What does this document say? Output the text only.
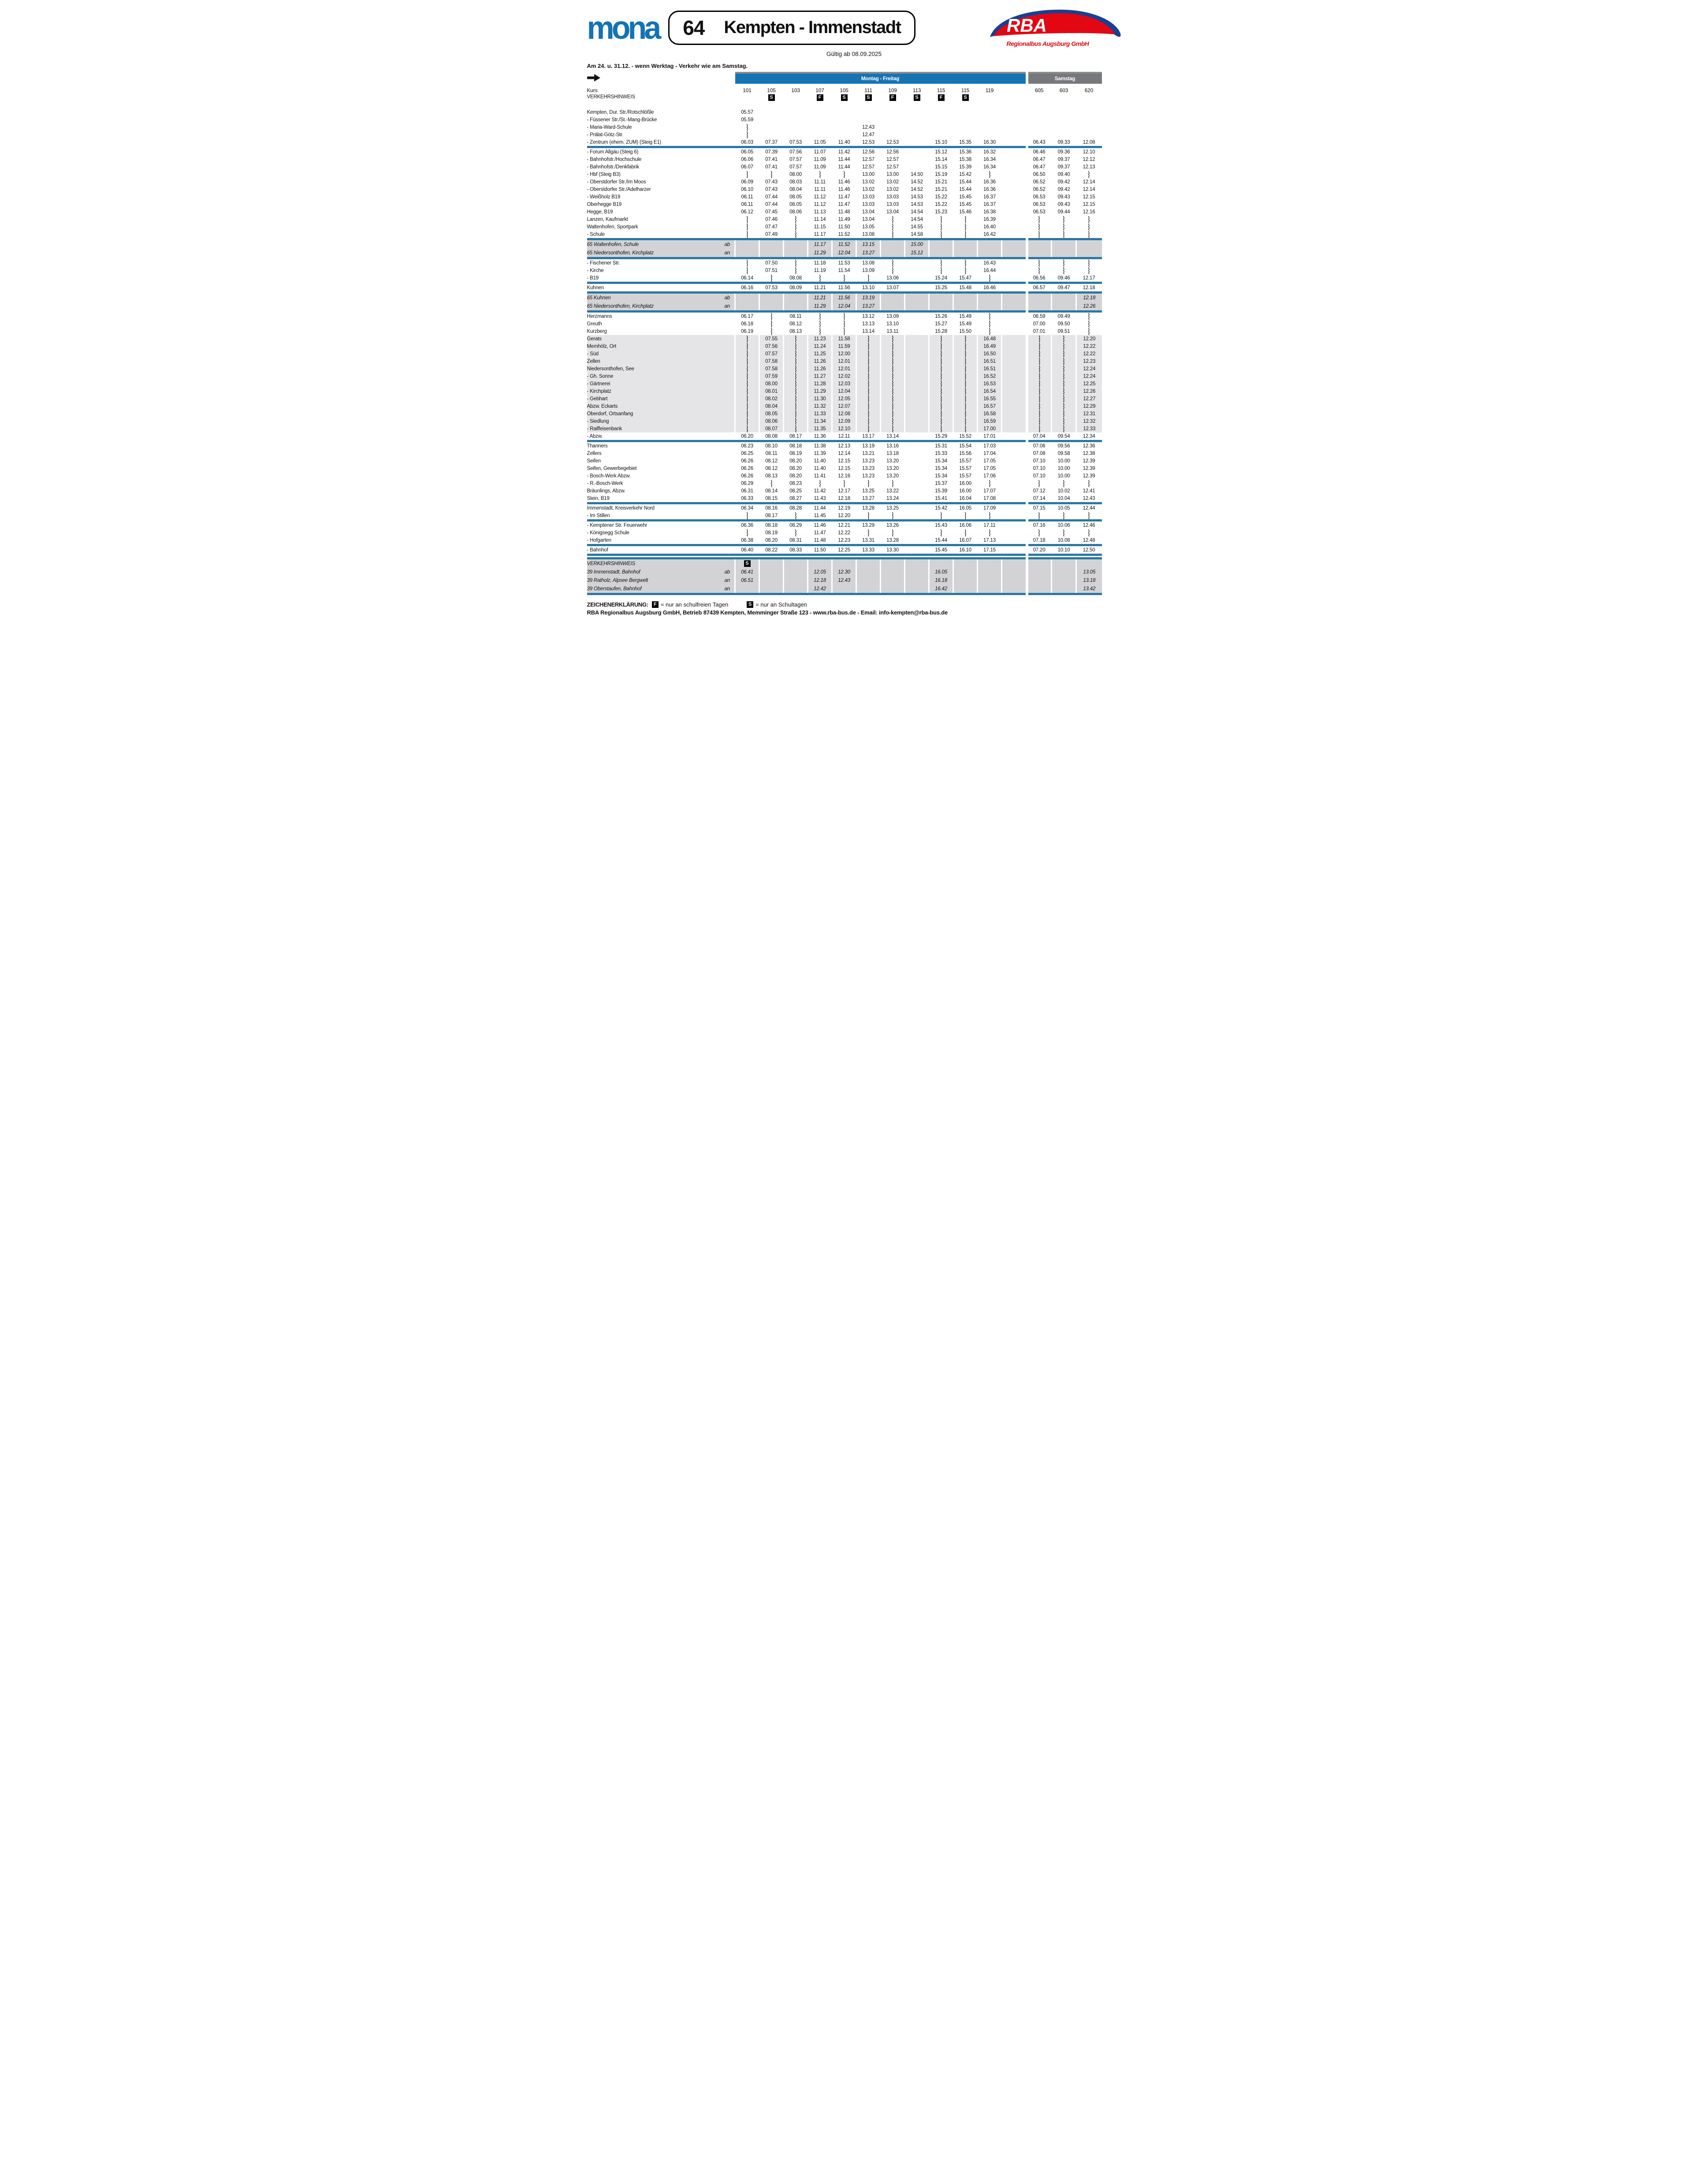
mona 64 Kempten - Immenstadt	RBA
Regionalbus Augsburg GmbH
Gültig ab 08.09.2025
Am 24. u. 31.12. - wenn Werktag - Verkehr wie am Samstag.
	Montag - Freitag												Samstag		
Kurs	101	105	103	107	105	111	109	113	115	115	119		605	603	620
VERKEHRSHINWEIS		S		F	S	S	F	S	F	S					

Kempten, Dur. Str./Rotschlößle	05.57														

- Füssener Str./St.-Mang-Brücke	05.59														

- Maria-Ward-Schule						12.43									

- Prälat-Götz-Str.						12.47									

- Zentrum (ehem. ZUM) (Steig E1)	06.03	07.37	07.53	11.05	11.40	12.53	12.53		15.10	15.35	16.30		06.43	09.33	12.08

- Forum Allgäu (Steig 6)	06.05	07.39	07.56	11.07	11.42	12.56	12.56		15.12	15.36	16.32		06.46	09.36	12.10

- Bahnhofstr./Hochschule	06.06	07.41	07.57	11.09	11.44	12.57	12.57		15.14	15.38	16.34		06.47	09.37	12.12

- Bahnhofstr./Denkfabrik	06.07	07.41	07.57	11.09	11.44	12.57	12.57		15.15	15.39	16.34		06.47	09.37	12.13

- Hbf (Steig B3)			08.00			13.00	13.00	14.50	15.19	15.42			06.50	09.40	

- Oberstdorfer Str./Im Moos	06.09	07.43	08.03	11.11	11.46	13.02	13.02	14.52	15.21	15.44	16.36		06.52	09.42	12.14

- Oberstdorfer Str./Adelharzer	06.10	07.43	08.04	11.11	11.46	13.02	13.02	14.52	15.21	15.44	16.36		06.52	09.42	12.14

- Weißholz B19	06.11	07.44	08.05	11.12	11.47	13.03	13.03	14.53	15.22	15.45	16.37		06.53	09.43	12.15

Oberhegge B19	06.11	07.44	08.05	11.12	11.47	13.03	13.03	14.53	15.22	15.45	16.37		06.53	09.43	12.15

Hegge, B19	06.12	07.45	08.06	11.13	11.48	13.04	13.04	14.54	15.23	15.46	16.38		06.53	09.44	12.16

Lanzen, Kaufmarkt		07.46		11.14	11.49	13.04		14.54			16.39				

Waltenhofen, Sportpark		07.47		11.15	11.50	13.05		14.55			16.40				

- Schule		07.49		11.17	11.52	13.08		14.58			16.42				

65 Waltenhofen, Schule ab				11.17	11.52	13.15		15.00							

65 Niedersonthofen, Kirchplatz an				11.29	12.04	13.27		15.12							

- Fischener Str.		07.50		11.18	11.53	13.08					16.43				

- Kirche		07.51		11.19	11.54	13.09					16.44				

- B19	06.14		08.08				13.06		15.24	15.47			06.56	09.46	12.17

Kuhnen	06.16	07.53	08.09	11.21	11.56	13.10	13.07		15.25	15.48	16.46		06.57	09.47	12.18

65 Kuhnen ab				11.21	11.56	13.19									12.18

65 Niedersonthofen, Kirchplatz an				11.29	12.04	13.27									12.26

Herzmanns	06.17		08.11			13.12	13.09		15.26	15.49			06.59	09.49	

Greuth	06.18		08.12			13.13	13.10		15.27	15.49			07.00	09.50	

Kurzberg	06.19		08.13			13.14	13.11		15.28	15.50			07.01	09.51	

Gerats		07.55		11.23	11.58						16.48				12.20

Memhölz, Ort		07.56		11.24	11.59						16.49				12.22

- Süd		07.57		11.25	12.00						16.50				12.22

Zellen		07.58		11.26	12.01						16.51				12.23

Niedersonthofen, See		07.58		11.26	12.01						16.51				12.24

- Gh. Sonne		07.59		11.27	12.02						16.52				12.24

- Gärtnerei		08.00		11.28	12.03						16.53				12.25

- Kirchplatz		08.01		11.29	12.04						16.54				12.26

- Gebhart		08.02		11.30	12.05						16.55				12.27

Abzw. Eckarts		08.04		11.32	12.07						16.57				12.29

Oberdorf, Ortsanfang		08.05		11.33	12.08						16.58				12.31

- Siedlung		08.06		11.34	12.09						16.59				12.32

- Raiffeisenbank		08.07		11.35	12.10						17.00				12.33

- Abzw.	06.20	08.08	08.17	11.36	12.11	13.17	13.14		15.29	15.52	17.01		07.04	09.54	12.34

Thanners	06.23	08.10	08.18	11.38	12.13	13.19	13.16		15.31	15.54	17.03		07.06	09.56	12.36

Zellers	06.25	08.11	08.19	11.39	12.14	13.21	13.18		15.33	15.56	17.04		07.08	09.58	12.38

Seifen	06.26	08.12	08.20	11.40	12.15	13.23	13.20		15.34	15.57	17.05		07.10	10.00	12.39

Seifen, Gewerbegebiet	06.26	08.12	08.20	11.40	12.15	13.23	13.20		15.34	15.57	17.05		07.10	10.00	12.39

- Bosch-Werk Abzw.	06.26	08.13	08.20	11.41	12.16	13.23	13.20		15.34	15.57	17.06		07.10	10.00	12.39

- R.-Bosch-Werk	06.29		08.23						15.37	16.00					

Bräunlings, Abzw.	06.31	08.14	08.25	11.42	12.17	13.25	13.22		15.39	16.00	17.07		07.12	10.02	12.41

Stein, B19	06.33	08.15	08.27	11.43	12.18	13.27	13.24		15.41	16.04	17.08		07.14	10.04	12.43

Immenstadt, Kreisverkehr Nord	06.34	08.16	08.28	11.44	12.19	13.28	13.25		15.42	16.05	17.09		07.15	10.05	12.44

- Im Stillen		08.17		11.45	12.20										

- Kemptener Str. Feuerwehr	06.36	08.18	08.29	11.46	12.21	13.29	13.26		15.43	16.06	17.11		07.16	10.06	12.46

- Königsegg Schule		08.19		11.47	12.22										

- Hofgarten	06.38	08.20	08.31	11.48	12.23	13.31	13.28		15.44	16.07	17.13		07.18	10.08	12.48

- Bahnhof	06.40	08.22	08.33	11.50	12.25	13.33	13.30		15.45	16.10	17.15		07.20	10.10	12.50

VERKEHRSHINWEIS	S														

39 Immenstadt, Bahnhof ab	06.41			12.05	12.30				16.05						13.05

39 Ratholz, Alpsee Bergwelt an	06.51			12.18	12.43				16.18						13.18

39 Oberstaufen, Bahnhof an				12.42					16.42						13.42

ZEICHENERKLÄRUNG:	F = nur an schulfreien Tagen	S = nur an Schultagen
RBA Regionalbus Augsburg GmbH, Betrieb 87439 Kempten, Memminger Straße 123 - www.rba-bus.de - Email: info-kempten@rba-bus.de
